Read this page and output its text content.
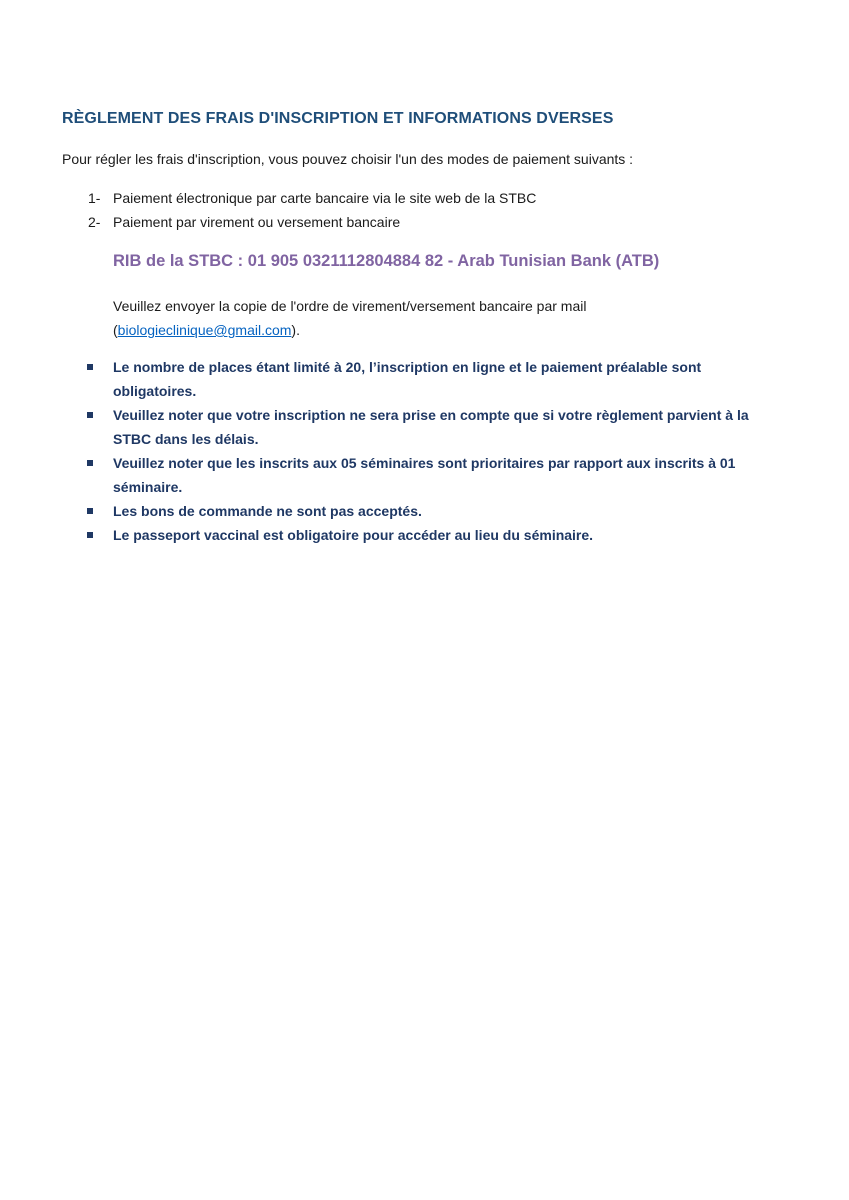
RÈGLEMENT DES FRAIS D'INSCRIPTION ET INFORMATIONS DVERSES

Pour régler les frais d'inscription, vous pouvez choisir l'un des modes de paiement suivants :

1- Paiement électronique par carte bancaire via le site web de la STBC
2- Paiement par virement ou versement bancaire

RIB de la STBC : 01 905 0321112804884 82 - Arab Tunisian Bank (ATB)

Veuillez envoyer la copie de l'ordre de virement/versement bancaire par mail (biologieclinique@gmail.com).

Le nombre de places étant limité à 20, l’inscription en ligne et le paiement préalable sont obligatoires.
Veuillez noter que votre inscription ne sera prise en compte que si votre règlement parvient à la STBC dans les délais.
Veuillez noter que les inscrits aux 05 séminaires sont prioritaires par rapport aux inscrits à 01 séminaire.
Les bons de commande ne sont pas acceptés.
Le passeport vaccinal est obligatoire pour accéder au lieu du séminaire.
